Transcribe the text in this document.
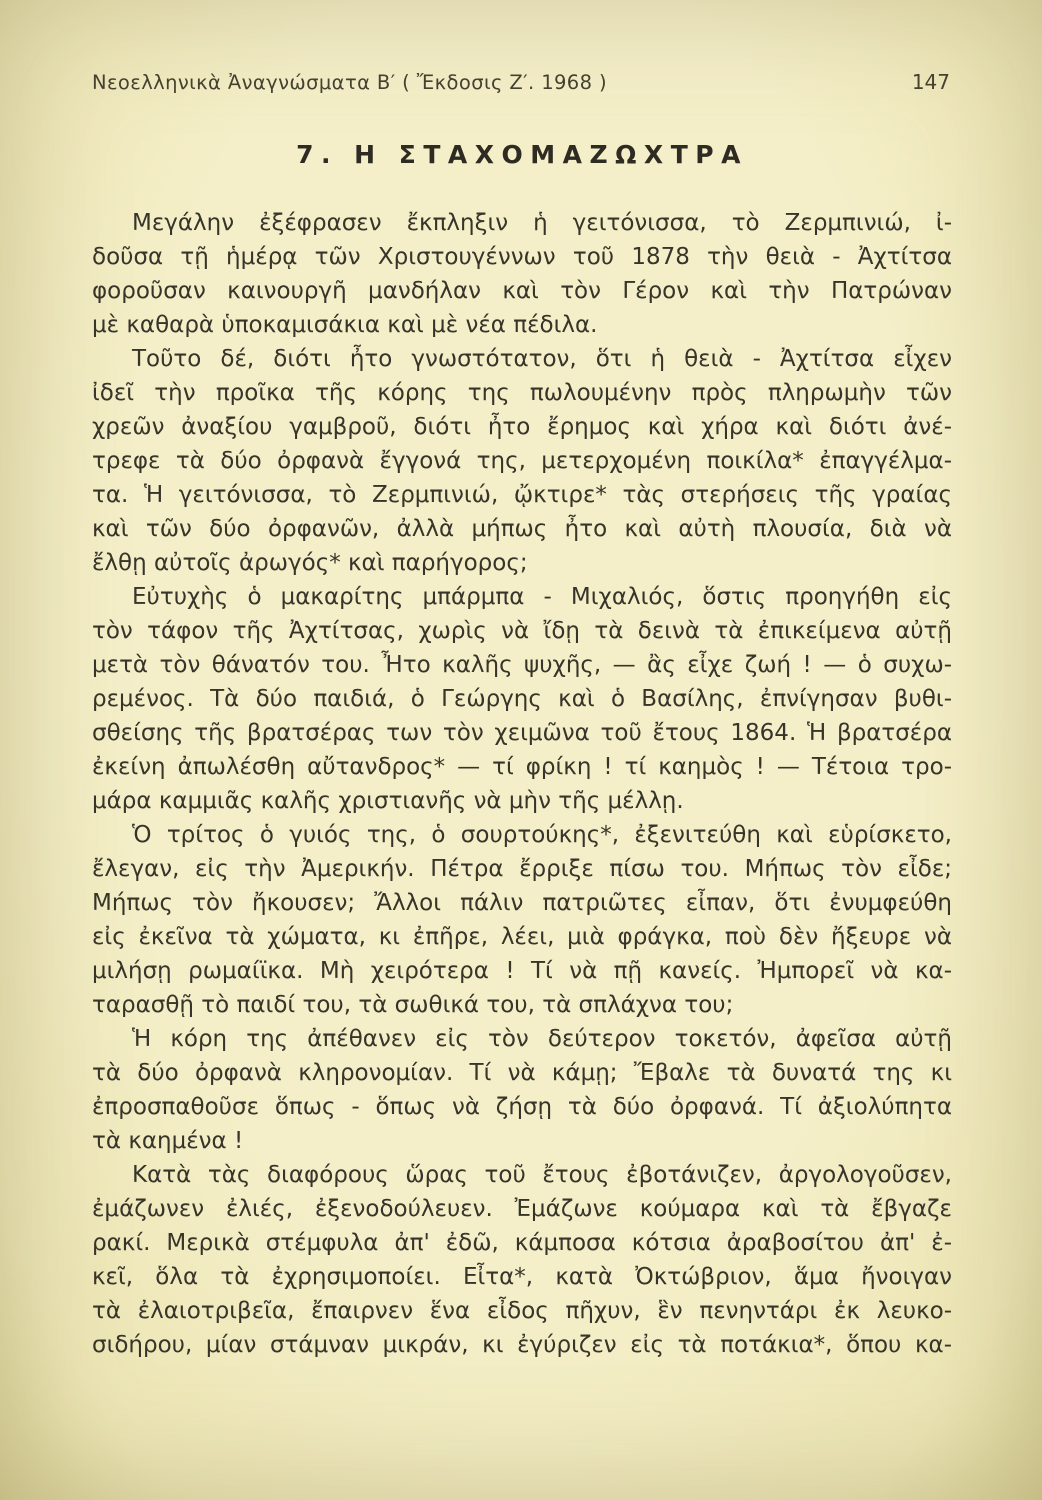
Νεοελληνικὰ Ἀναγνώσματα Β′ ( Ἔκδοσις Ζ′. 1968 )	147
7. Η ΣΤΑΧΟΜΑΖΩΧΤΡΑ
Μεγάλην ἐξέφρασεν ἔκπληξιν ἡ γειτόνισσα, τὸ Ζερμπινιώ, ἰ-
δοῦσα τῇ ἡμέρᾳ τῶν Χριστουγέννων τοῦ 1878 τὴν θειὰ - Ἀχτίτσα
φοροῦσαν καινουργῆ μανδήλαν καὶ τὸν Γέρον καὶ τὴν Πατρώναν
μὲ καθαρὰ ὑποκαμισάκια καὶ μὲ νέα πέδιλα.
Τοῦτο δέ, διότι ἦτο γνωστότατον, ὅτι ἡ θειὰ - Ἀχτίτσα εἶχεν
ἰδεῖ τὴν προῖκα τῆς κόρης της πωλουμένην πρὸς πληρωμὴν τῶν
χρεῶν ἀναξίου γαμβροῦ, διότι ἦτο ἔρημος καὶ χήρα καὶ διότι ἀνέ-
τρεφε τὰ δύο ὀρφανὰ ἔγγονά της, μετερχομένη ποικίλα* ἐπαγγέλμα-
τα. Ἡ γειτόνισσα, τὸ Ζερμπινιώ, ᾤκτιρε* τὰς στερήσεις τῆς γραίας
καὶ τῶν δύο ὀρφανῶν, ἀλλὰ μήπως ἦτο καὶ αὐτὴ πλουσία, διὰ νὰ
ἔλθῃ αὐτοῖς ἀρωγός* καὶ παρήγορος;
Εὐτυχὴς ὁ μακαρίτης μπάρμπα - Μιχαλιός, ὅστις προηγήθη εἰς
τὸν τάφον τῆς Ἀχτίτσας, χωρὶς νὰ ἴδῃ τὰ δεινὰ τὰ ἐπικείμενα αὐτῇ
μετὰ τὸν θάνατόν του. Ἦτο καλῆς ψυχῆς, — ἂς εἶχε ζωή ! — ὁ συχω-
ρεμένος. Τὰ δύο παιδιά, ὁ Γεώργης καὶ ὁ Βασίλης, ἐπνίγησαν βυθι-
σθείσης τῆς βρατσέρας των τὸν χειμῶνα τοῦ ἔτους 1864. Ἡ βρατσέρα
ἐκείνη ἀπωλέσθη αὔτανδρος* — τί φρίκη ! τί καημὸς ! — Τέτοια τρο-
μάρα καμμιᾶς καλῆς χριστιανῆς νὰ μὴν τῆς μέλλῃ.
Ὁ τρίτος ὁ γυιός της, ὁ σουρτούκης*, ἐξενιτεύθη καὶ εὑρίσκετο,
ἔλεγαν, εἰς τὴν Ἀμερικήν. Πέτρα ἔρριξε πίσω του. Μήπως τὸν εἶδε;
Μήπως τὸν ἤκουσεν; Ἄλλοι πάλιν πατριῶτες εἶπαν, ὅτι ἐνυμφεύθη
εἰς ἐκεῖνα τὰ χώματα, κι ἐπῆρε, λέει, μιὰ φράγκα, ποὺ δὲν ἤξευρε νὰ
μιλήσῃ ρωμαίϊκα. Μὴ χειρότερα ! Τί νὰ πῇ κανείς. Ἠμπορεῖ νὰ κα-
ταρασθῇ τὸ παιδί του, τὰ σωθικά του, τὰ σπλάχνα του;
Ἡ κόρη της ἀπέθανεν εἰς τὸν δεύτερον τοκετόν, ἀφεῖσα αὐτῇ
τὰ δύο ὀρφανὰ κληρονομίαν. Τί νὰ κάμῃ; Ἔβαλε τὰ δυνατά της κι
ἐπροσπαθοῦσε ὅπως - ὅπως νὰ ζήσῃ τὰ δύο ὀρφανά. Τί ἀξιολύπητα
τὰ καημένα !
Κατὰ τὰς διαφόρους ὥρας τοῦ ἔτους ἐβοτάνιζεν, ἀργολογοῦσεν,
ἐμάζωνεν ἐλιές, ἐξενοδούλευεν. Ἐμάζωνε κούμαρα καὶ τὰ ἔβγαζε
ρακί. Μερικὰ στέμφυλα ἀπ' ἐδῶ, κάμποσα κότσια ἀραβοσίτου ἀπ' ἐ-
κεῖ, ὅλα τὰ ἐχρησιμοποίει. Εἶτα*, κατὰ Ὀκτώβριον, ἅμα ἤνοιγαν
τὰ ἐλαιοτριβεῖα, ἔπαιρνεν ἕνα εἶδος πῆχυν, ἓν πενηντάρι ἐκ λευκο-
σιδήρου, μίαν στάμναν μικράν, κι ἐγύριζεν εἰς τὰ ποτάκια*, ὅπου κα-
